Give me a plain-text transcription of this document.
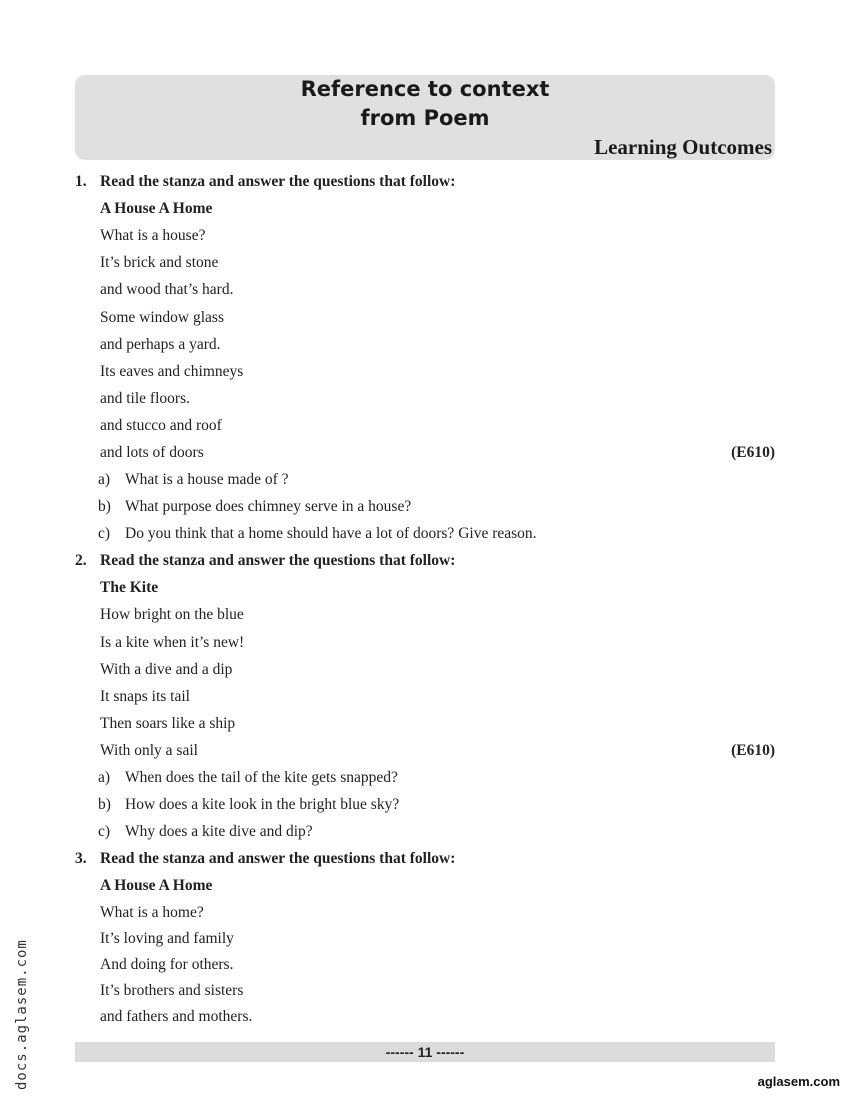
Reference to context
from Poem
Learning Outcomes
1. Read the stanza and answer the questions that follow:
A House A Home
What is a house?
It’s brick and stone
and wood that’s hard.
Some window glass
and perhaps a yard.
Its eaves and chimneys
and tile floors.
and stucco and roof
and lots of doors	(E610)
a) What is a house made of ?
b) What purpose does chimney serve in a house?
c) Do you think that a home should have a lot of doors? Give reason.
2. Read the stanza and answer the questions that follow:
The Kite
How bright on the blue
Is a kite when it’s new!
With a dive and a dip
It snaps its tail
Then soars like a ship
With only a sail	(E610)
a) When does the tail of the kite gets snapped?
b) How does a kite look in the bright blue sky?
c) Why does a kite dive and dip?
3. Read the stanza and answer the questions that follow:
A House A Home
What is a home?
It’s loving and family
And doing for others.
It’s brothers and sisters
and fathers and mothers.
------ 11 ------
docs.aglasem.com	aglasem.com
